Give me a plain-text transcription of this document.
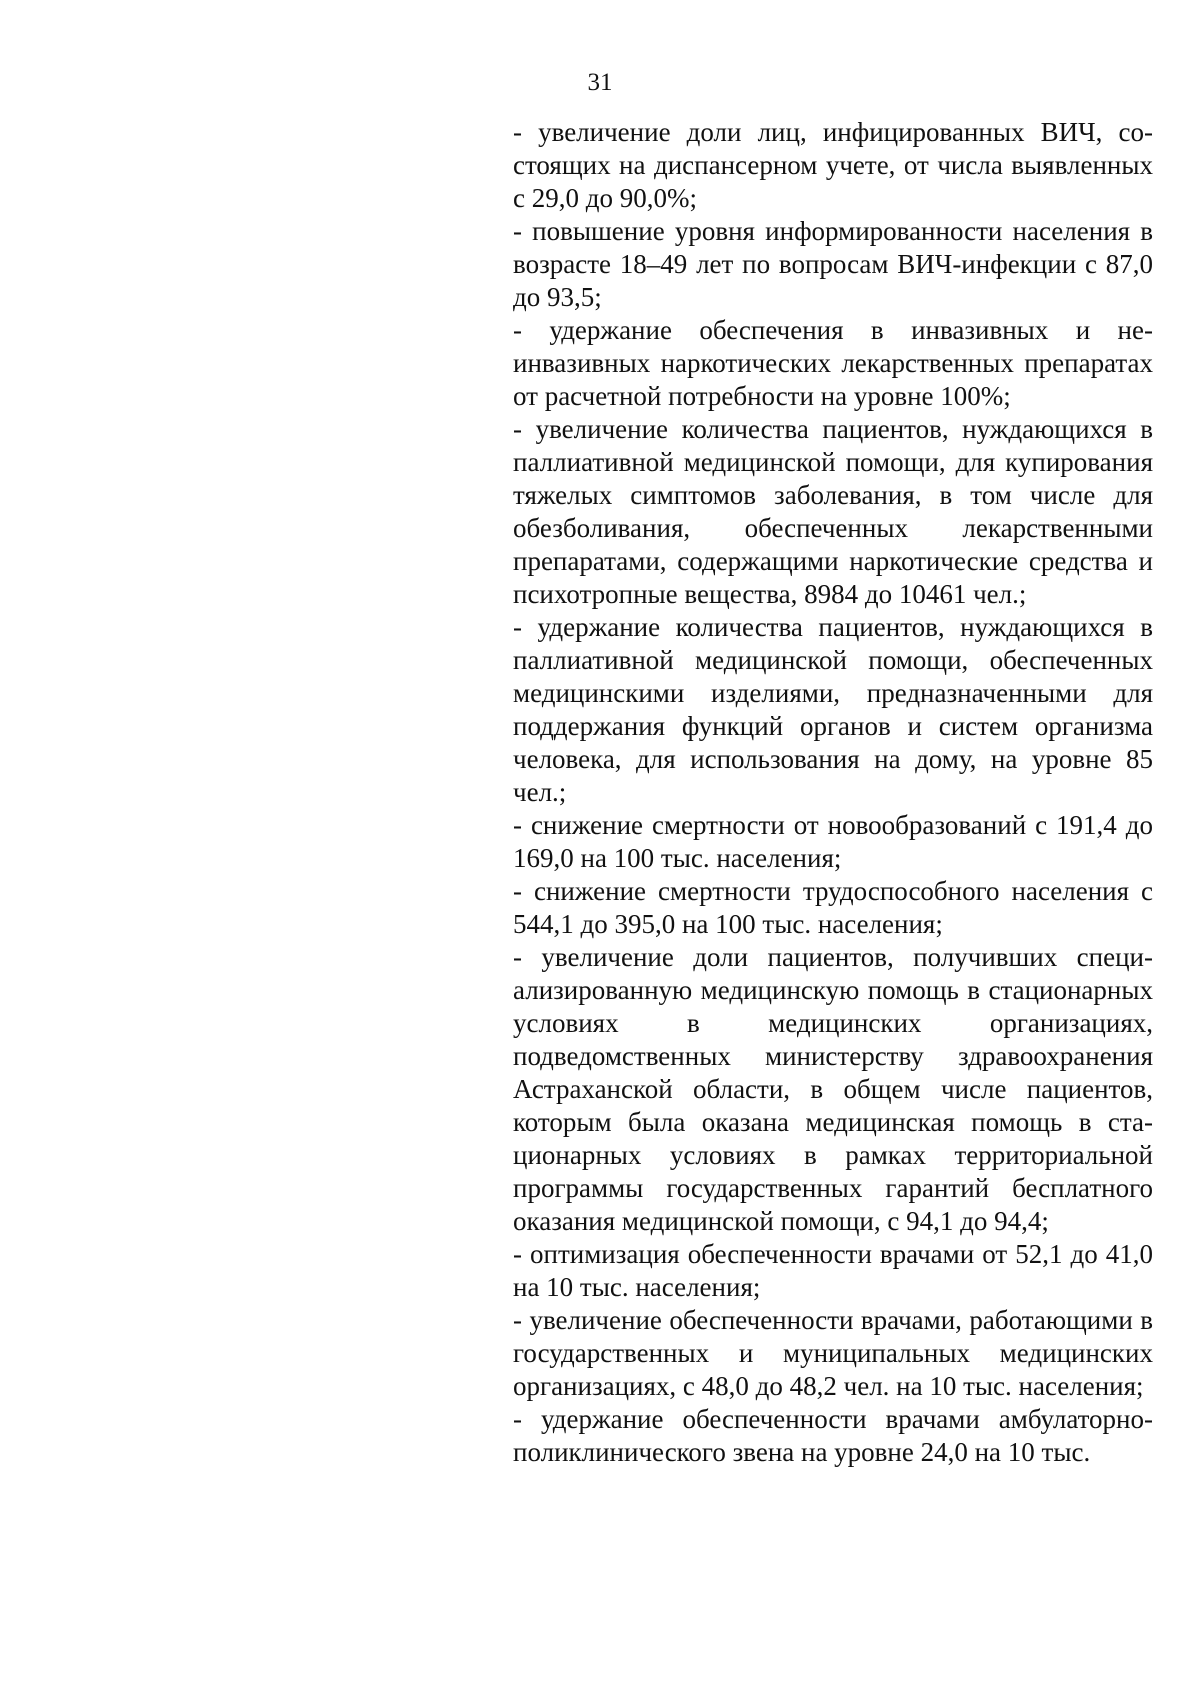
31

- увеличение доли лиц, инфицированных ВИЧ, состоящих на диспансерном учете, от числа выявленных с 29,0 до 90,0%;

- повышение уровня информированности населения в возрасте 18–49 лет по вопросам ВИЧ-инфекции с 87,0 до 93,5;

- удержание обеспечения в инвазивных и неинвазивных наркотических лекарственных препаратах от расчетной потребности на уровне 100%;

- увеличение количества пациентов, нуждающихся в паллиативной медицинской помощи, для купирования тяжелых симптомов заболевания, в том числе для обезболивания, обеспеченных лекарственными препаратами, содержащими наркотические средства и психотропные вещества, 8984 до 10461 чел.;

- удержание количества пациентов, нуждающихся в паллиативной медицинской помощи, обеспеченных медицинскими изделиями, предназначенными для поддержания функций органов и систем организма человека, для использования на дому, на уровне 85 чел.;

- снижение смертности от новообразований с 191,4 до 169,0 на 100 тыс. населения;

- снижение смертности трудоспособного населения с 544,1 до 395,0 на 100 тыс. населения;

- увеличение доли пациентов, получивших специализированную медицинскую помощь в стационарных условиях в медицинских организациях, подведомственных министерству здравоохранения Астраханской области, в общем числе пациентов, которым была оказана медицинская помощь в стационарных условиях в рамках территориальной программы государственных гарантий бесплатного оказания медицинской помощи, с 94,1 до 94,4;

- оптимизация обеспеченности врачами от 52,1 до 41,0 на 10 тыс. населения;

- увеличение обеспеченности врачами, работающими в государственных и муниципальных медицинских организациях, с 48,0 до 48,2 чел. на 10 тыс. населения;

- удержание обеспеченности врачами амбулаторно-поликлинического звена на уровне 24,0 на 10 тыс.
